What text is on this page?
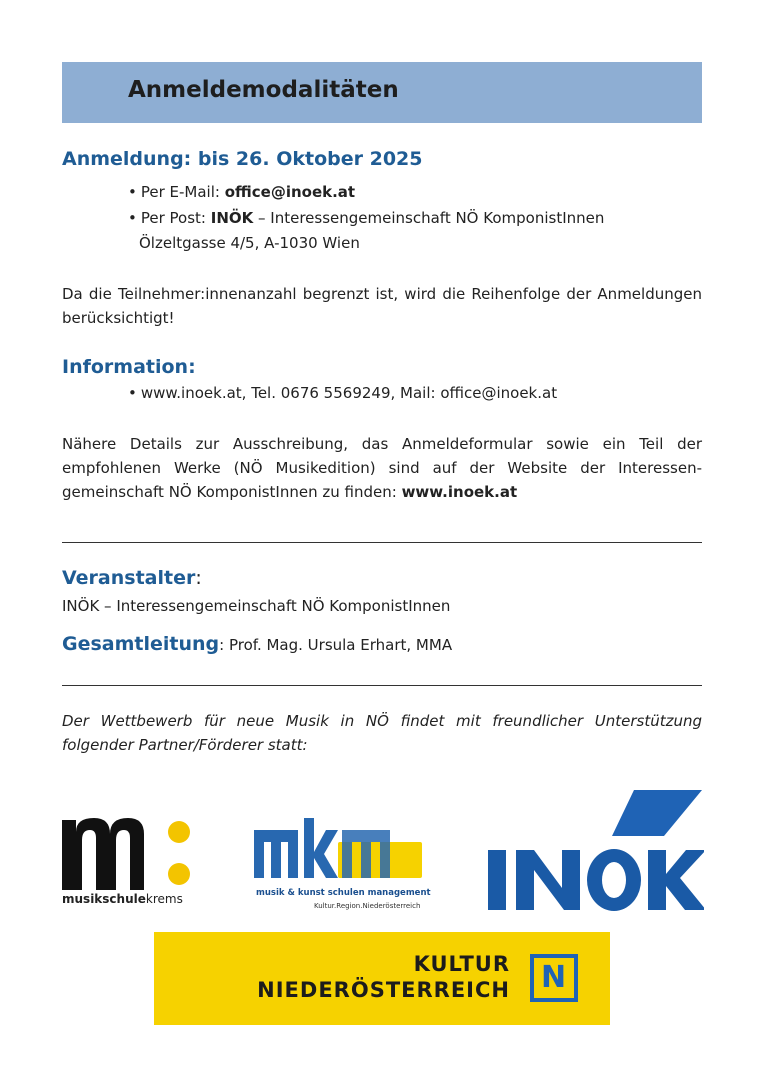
Anmeldemodalitäten
Anmeldung: bis 26. Oktober 2025
• Per E-Mail: office@inoek.at
• Per Post: INÖK – Interessengemeinschaft NÖ KomponistInnen
Ölzeltgasse 4/5, A-1030 Wien
Da die Teilnehmer:innenanzahl begrenzt ist, wird die Reihenfolge der Anmeldungen berücksichtigt!
Information:
• www.inoek.at, Tel. 0676 5569249, Mail: office@inoek.at
Nähere Details zur Ausschreibung, das Anmeldeformular sowie ein Teil der empfohlenen Werke (NÖ Musikedition) sind auf der Website der Interessen-gemeinschaft NÖ KomponistInnen zu finden: www.inoek.at
Veranstalter:
INÖK – Interessengemeinschaft NÖ KomponistInnen
Gesamtleitung: Prof. Mag. Ursula Erhart, MMA
Der Wettbewerb für neue Musik in NÖ findet mit freundlicher Unterstützung folgender Partner/Förderer statt:
musikschulekrems	musik & kunst schulen management
Kultur.Region.Niederösterreich
KULTUR
NIEDERÖSTERREICH N
